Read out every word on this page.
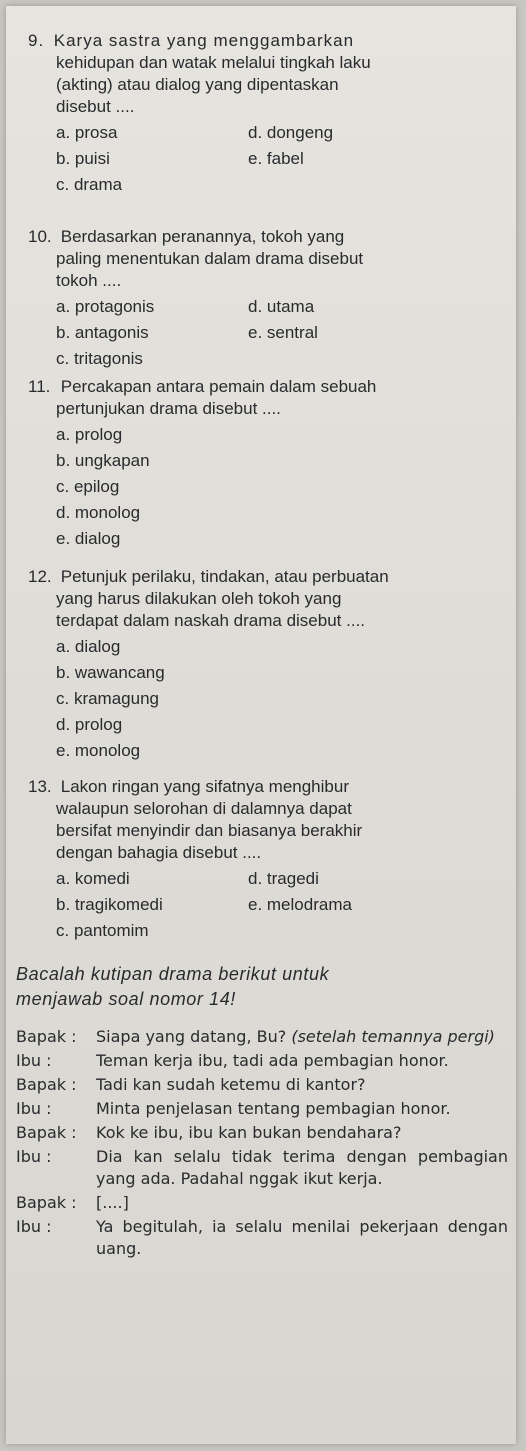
9. Karya sastra yang menggambarkan

kehidupan dan watak melalui tingkah laku
(akting) atau dialog yang dipentaskan
disebut ....
a. prosa	d. dongeng
b. puisi	e. fabel
c. drama

10. Berdasarkan peranannya, tokoh yang

paling menentukan dalam drama disebut
tokoh ....
a. protagonis	d. utama
b. antagonis	e. sentral
c. tritagonis

11. Percakapan antara pemain dalam sebuah

pertunjukan drama disebut ....
a. prolog
b. ungkapan
c. epilog
d. monolog
e. dialog

12. Petunjuk perilaku, tindakan, atau perbuatan

yang harus dilakukan oleh tokoh yang
terdapat dalam naskah drama disebut ....
a. dialog
b. wawancang
c. kramagung
d. prolog
e. monolog

13. Lakon ringan yang sifatnya menghibur

walaupun selorohan di dalamnya dapat
bersifat menyindir dan biasanya berakhir
dengan bahagia disebut ....
a. komedi	d. tragedi
b. tragikomedi	e. melodrama
c. pantomim
Bacalah kutipan drama berikut untuk
menjawab soal nomor 14!
Bapak :	Siapa yang datang, Bu? (setelah temannya pergi)
Ibu :	Teman kerja ibu, tadi ada pembagian honor.
Bapak :	Tadi kan sudah ketemu di kantor?
Ibu :	Minta penjelasan tentang pembagian honor.
Bapak :	Kok ke ibu, ibu kan bukan bendahara?
Ibu :	Dia kan selalu tidak terima dengan pembagian yang ada. Padahal nggak ikut kerja.
Bapak :	[....]
Ibu :	Ya begitulah, ia selalu menilai pekerjaan dengan uang.
